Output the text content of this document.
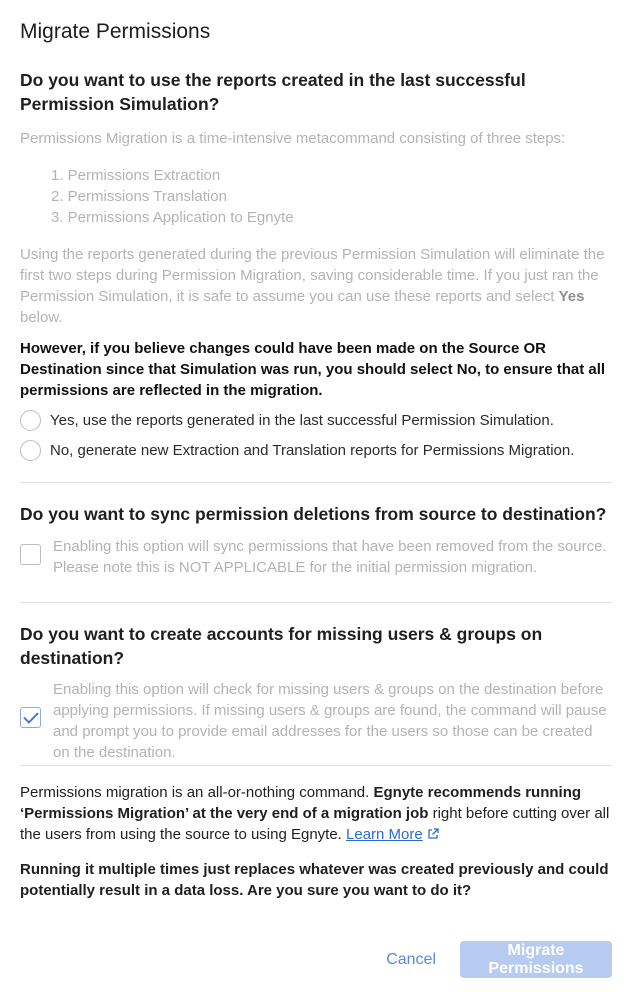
Migrate Permissions
Do you want to use the reports created in the last successful Permission Simulation?
Permissions Migration is a time-intensive metacommand consisting of three steps:
1. Permissions Extraction
2. Permissions Translation
3. Permissions Application to Egnyte
Using the reports generated during the previous Permission Simulation will eliminate the first two steps during Permission Migration, saving considerable time. If you just ran the Permission Simulation, it is safe to assume you can use these reports and select Yes below.
However, if you believe changes could have been made on the Source OR Destination since that Simulation was run, you should select No, to ensure that all permissions are reflected in the migration.
Yes, use the reports generated in the last successful Permission Simulation.
No, generate new Extraction and Translation reports for Permissions Migration.
Do you want to sync permission deletions from source to destination?
Enabling this option will sync permissions that have been removed from the source. Please note this is NOT APPLICABLE for the initial permission migration.
Do you want to create accounts for missing users & groups on destination?
Enabling this option will check for missing users & groups on the destination before applying permissions. If missing users & groups are found, the command will pause and prompt you to provide email addresses for the users so those can be created on the destination.
Permissions migration is an all-or-nothing command. Egnyte recommends running ‘Permissions Migration’ at the very end of a migration job right before cutting over all the users from using the source to using Egnyte. Learn More
Running it multiple times just replaces whatever was created previously and could potentially result in a data loss. Are you sure you want to do it?
Cancel
Migrate Permissions
